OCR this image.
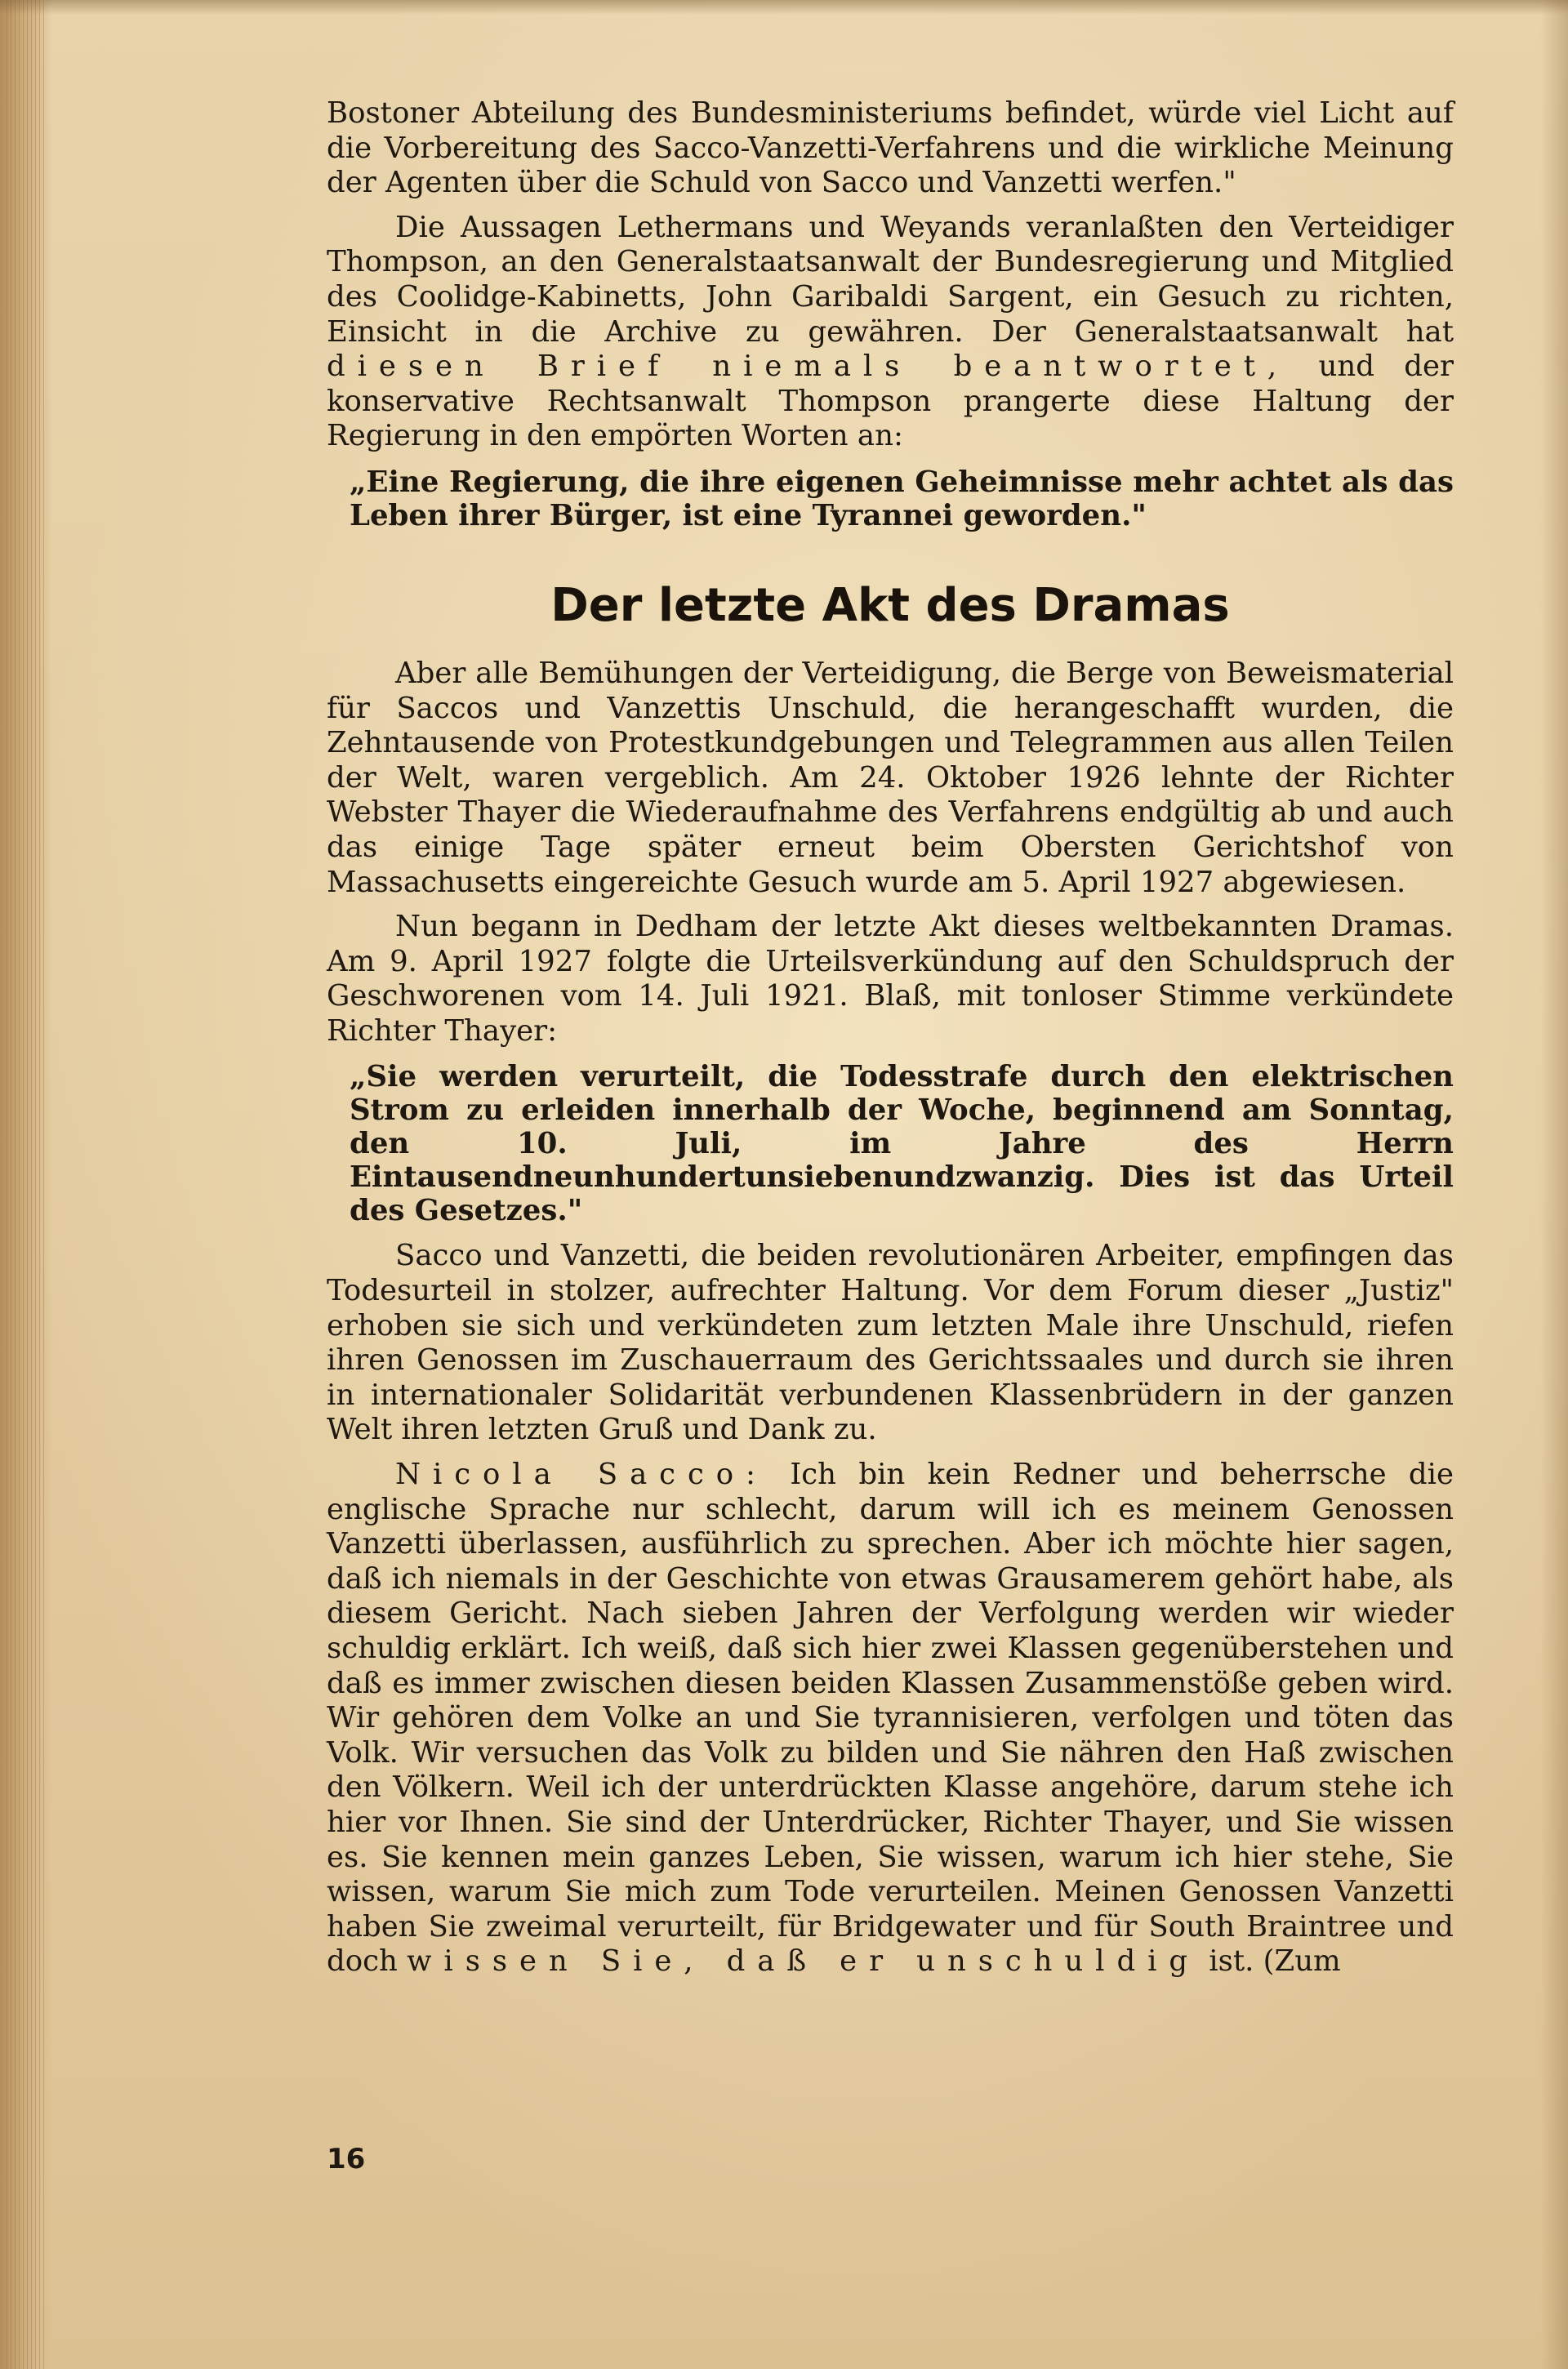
Bostoner Abteilung des Bundesministeriums befindet, würde viel Licht auf die Vorbereitung des Sacco-Vanzetti-Verfahrens und die wirkliche Meinung der Agenten über die Schuld von Sacco und Vanzetti werfen."

Die Aussagen Lethermans und Weyands veranlaßten den Verteidiger Thompson, an den Generalstaatsanwalt der Bundesregierung und Mitglied des Coolidge-Kabinetts, John Garibaldi Sargent, ein Gesuch zu richten, Einsicht in die Archive zu gewähren. Der Generalstaatsanwalt hat diesen Brief niemals beantwortet, und der konservative Rechtsanwalt Thompson prangerte diese Haltung der Regierung in den empörten Worten an:

„Eine Regierung, die ihre eigenen Geheimnisse mehr achtet als das Leben ihrer Bürger, ist eine Tyrannei geworden."

Der letzte Akt des Dramas

Aber alle Bemühungen der Verteidigung, die Berge von Beweismaterial für Saccos und Vanzettis Unschuld, die herangeschafft wurden, die Zehntausende von Protestkundgebungen und Telegrammen aus allen Teilen der Welt, waren vergeblich. Am 24. Oktober 1926 lehnte der Richter Webster Thayer die Wiederaufnahme des Verfahrens endgültig ab und auch das einige Tage später erneut beim Obersten Gerichtshof von Massachusetts eingereichte Gesuch wurde am 5. April 1927 abgewiesen.

Nun begann in Dedham der letzte Akt dieses weltbekannten Dramas. Am 9. April 1927 folgte die Urteilsverkündung auf den Schuldspruch der Geschworenen vom 14. Juli 1921. Blaß, mit tonloser Stimme verkündete Richter Thayer:

„Sie werden verurteilt, die Todesstrafe durch den elektrischen Strom zu erleiden innerhalb der Woche, beginnend am Sonntag, den 10. Juli, im Jahre des Herrn Eintausendneunhundertunsiebenundzwanzig. Dies ist das Urteil des Gesetzes."

Sacco und Vanzetti, die beiden revolutionären Arbeiter, empfingen das Todesurteil in stolzer, aufrechter Haltung. Vor dem Forum dieser „Justiz" erhoben sie sich und verkündeten zum letzten Male ihre Unschuld, riefen ihren Genossen im Zuschauerraum des Gerichtssaales und durch sie ihren in internationaler Solidarität verbundenen Klassenbrüdern in der ganzen Welt ihren letzten Gruß und Dank zu.

Nicola Sacco: Ich bin kein Redner und beherrsche die englische Sprache nur schlecht, darum will ich es meinem Genossen Vanzetti überlassen, ausführlich zu sprechen. Aber ich möchte hier sagen, daß ich niemals in der Geschichte von etwas Grausamerem gehört habe, als diesem Gericht. Nach sieben Jahren der Verfolgung werden wir wieder schuldig erklärt. Ich weiß, daß sich hier zwei Klassen gegenüberstehen und daß es immer zwischen diesen beiden Klassen Zusammenstöße geben wird. Wir gehören dem Volke an und Sie tyrannisieren, verfolgen und töten das Volk. Wir versuchen das Volk zu bilden und Sie nähren den Haß zwischen den Völkern. Weil ich der unterdrückten Klasse angehöre, darum stehe ich hier vor Ihnen. Sie sind der Unterdrücker, Richter Thayer, und Sie wissen es. Sie kennen mein ganzes Leben, Sie wissen, warum ich hier stehe, Sie wissen, warum Sie mich zum Tode verurteilen. Meinen Genossen Vanzetti haben Sie zweimal verurteilt, für Bridgewater und für South Braintree und doch wissen Sie, daß er unschuldig ist. (Zum

16
